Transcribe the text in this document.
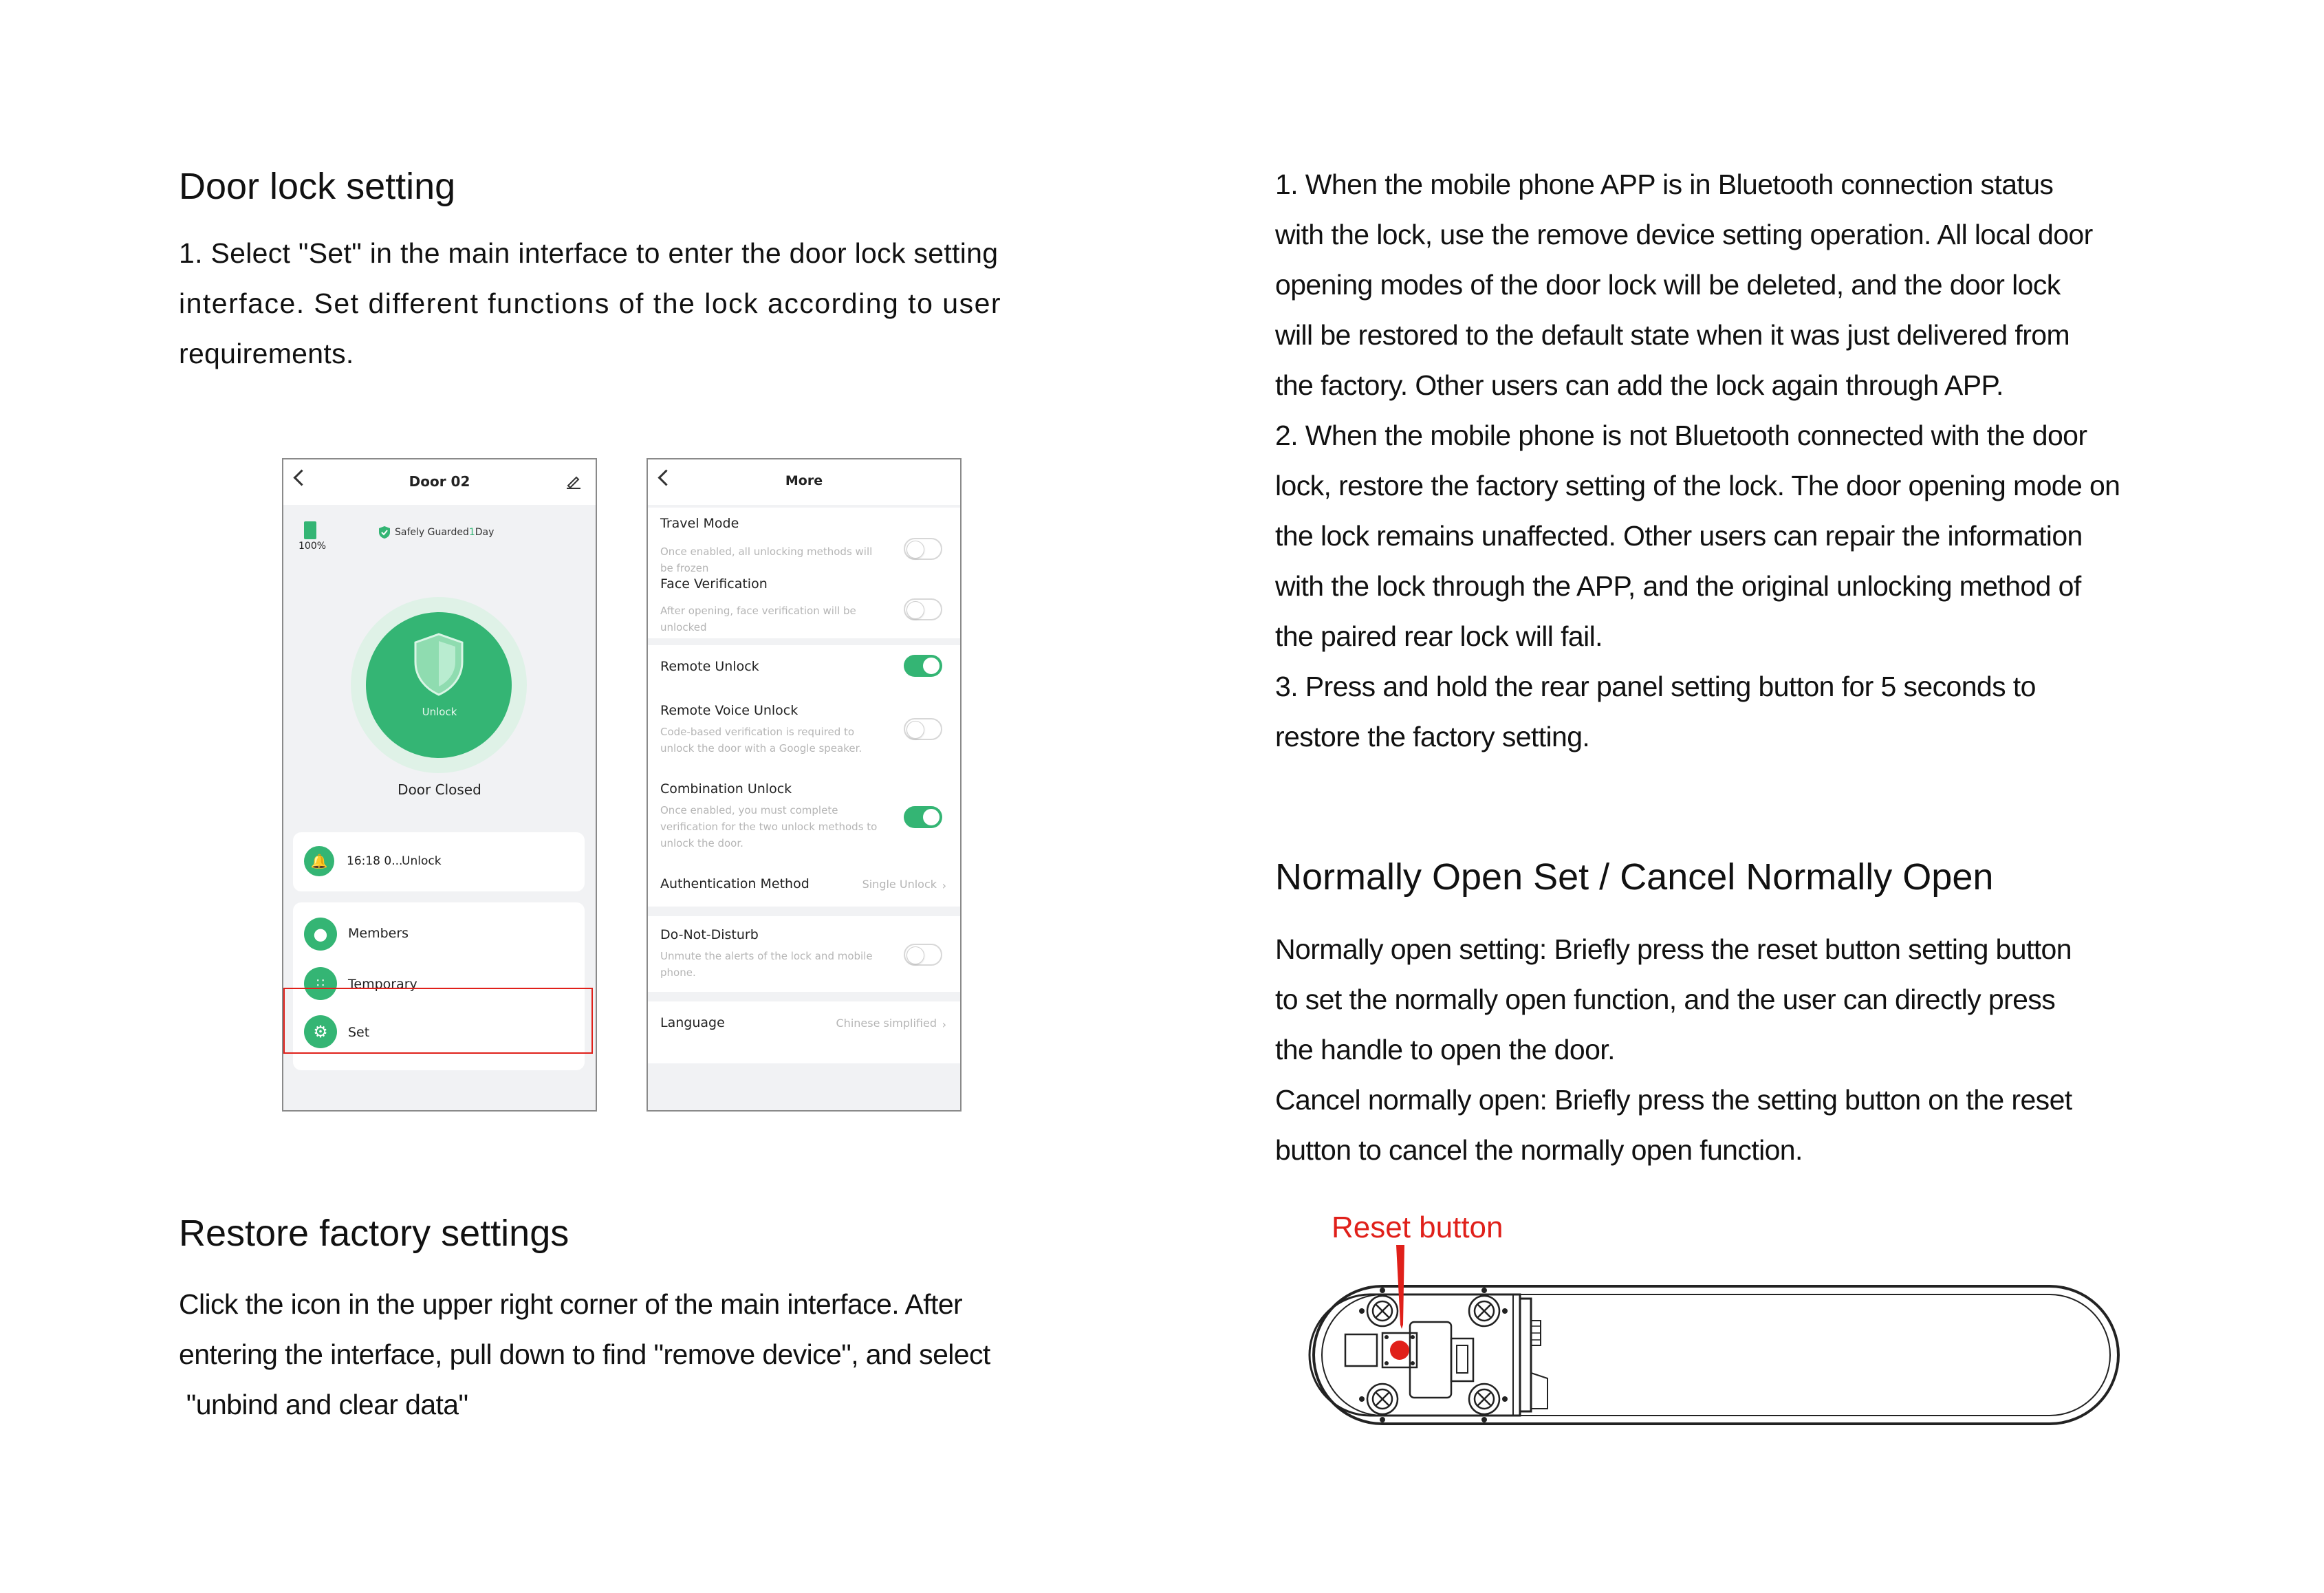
Door lock setting
1. Select "Set" in the main interface to enter the door lock setting
interface. Set different functions of the lock according to user
requirements.
Door 02
100%
Safely Guarded1Day
Unlock
Door Closed
🔔	16:18 0...
Unlock
●	Members
∷	Temporary
⚙	Set
More
Travel Mode
Once enabled, all unlocking methods will
be frozen
Face Verification
After opening, face verification will be
unlocked
Remote Unlock
Remote Voice Unlock
Code-based verification is required to
unlock the door with a Google speaker.
Combination Unlock
Once enabled, you must complete
verification for the two unlock methods to
unlock the door.
Authentication Method	Single Unlock ›
Do-Not-Disturb
Unmute the alerts of the lock and mobile
phone.
Language	Chinese simplified ›
Restore factory settings
Click the icon in the upper right corner of the main interface. After
entering the interface, pull down to find "remove device", and select
"unbind and clear data"
1. When the mobile phone APP is in Bluetooth connection status
with the lock, use the remove device setting operation. All local door
opening modes of the door lock will be deleted, and the door lock
will be restored to the default state when it was just delivered from
the factory. Other users can add the lock again through APP.
2. When the mobile phone is not Bluetooth connected with the door
lock, restore the factory setting of the lock. The door opening mode on
the lock remains unaffected. Other users can repair the information
with the lock through the APP, and the original unlocking method of
the paired rear lock will fail.
3. Press and hold the rear panel setting button for 5 seconds to
restore the factory setting.
Normally Open Set / Cancel Normally Open
Normally open setting: Briefly press the reset button setting button
to set the normally open function, and the user can directly press
the handle to open the door.
Cancel normally open: Briefly press the setting button on the reset
button to cancel the normally open function.
Reset button
